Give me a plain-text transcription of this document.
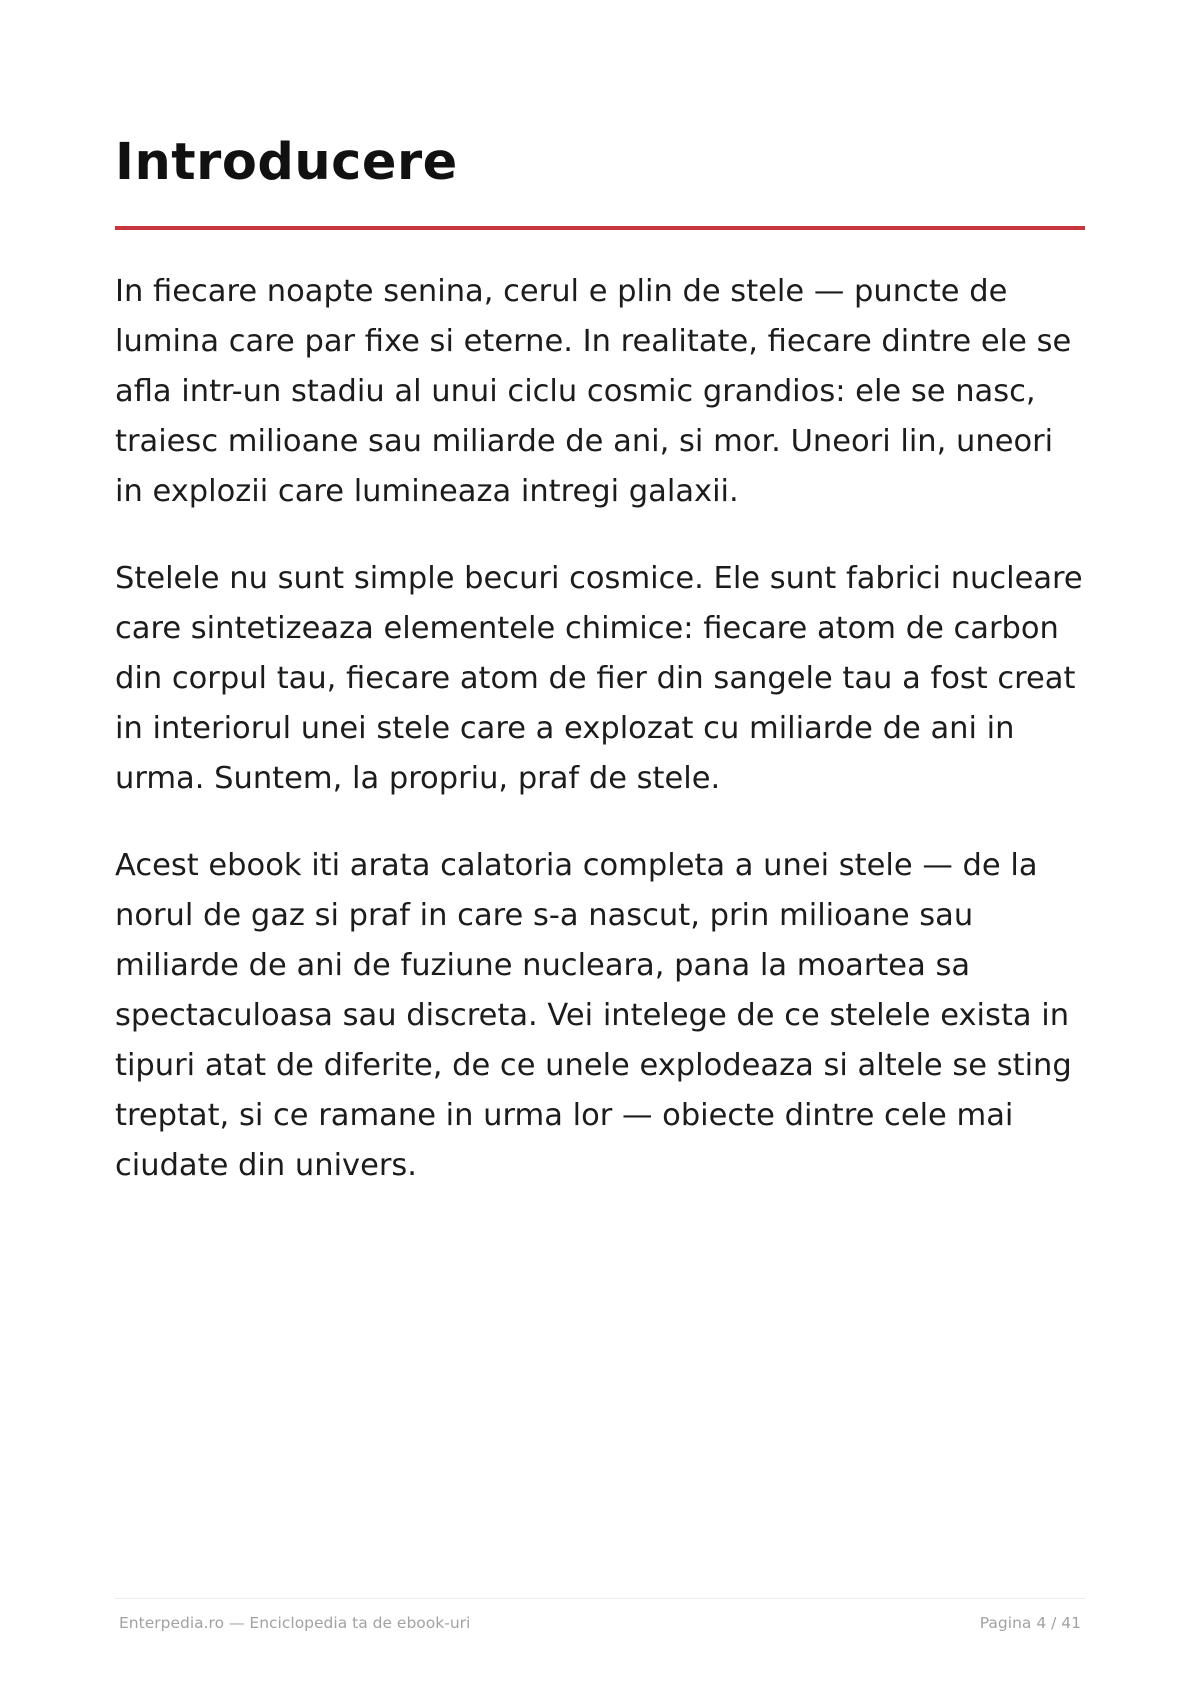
Introducere

In fiecare noapte senina, cerul e plin de stele — puncte de lumina care par fixe si eterne. In realitate, fiecare dintre ele se afla intr-un stadiu al unui ciclu cosmic grandios: ele se nasc, traiesc milioane sau miliarde de ani, si mor. Uneori lin, uneori in explozii care lumineaza intregi galaxii.

Stelele nu sunt simple becuri cosmice. Ele sunt fabrici nucleare care sintetizeaza elementele chimice: fiecare atom de carbon din corpul tau, fiecare atom de fier din sangele tau a fost creat in interiorul unei stele care a explozat cu miliarde de ani in urma. Suntem, la propriu, praf de stele.

Acest ebook iti arata calatoria completa a unei stele — de la norul de gaz si praf in care s-a nascut, prin milioane sau miliarde de ani de fuziune nucleara, pana la moartea sa spectaculoasa sau discreta. Vei intelege de ce stelele exista in tipuri atat de diferite, de ce unele explodeaza si altele se sting treptat, si ce ramane in urma lor — obiecte dintre cele mai ciudate din univers.

Enterpedia.ro — Enciclopedia ta de ebook-uri	Pagina 4 / 41
